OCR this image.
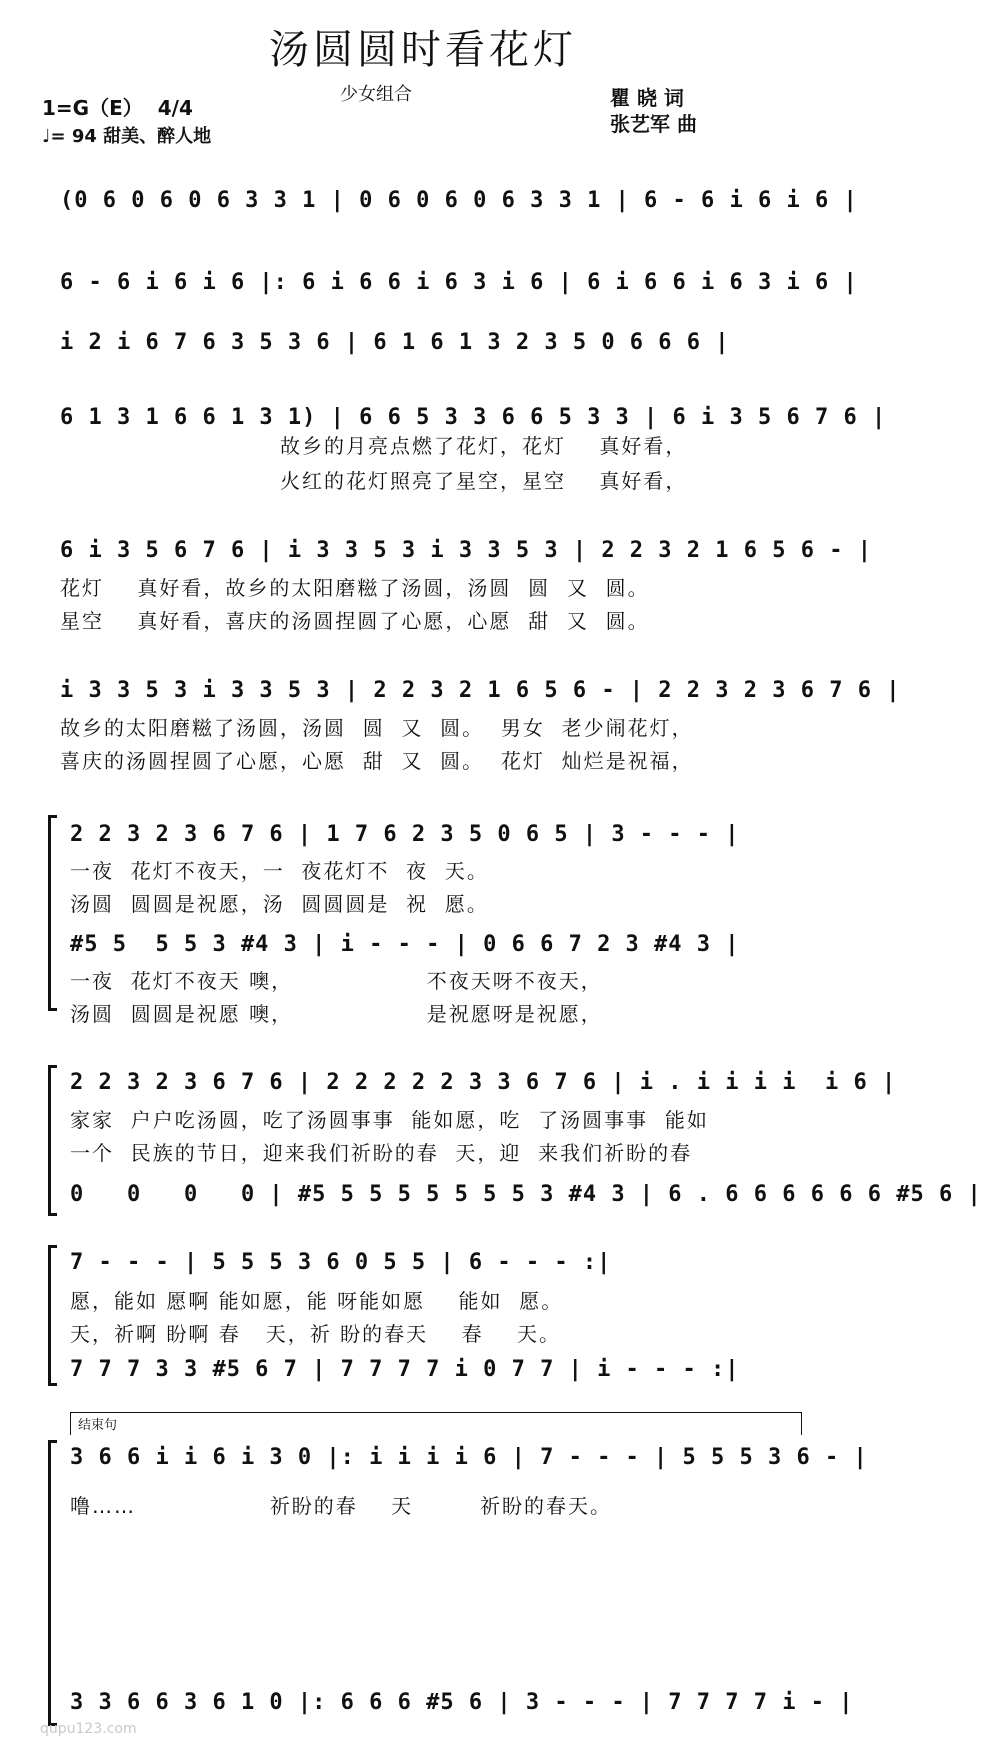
汤圆圆时看花灯
1=G（E） 4/4
♩= 94 甜美、醉人地
少女组合	瞿 晓 词
张艺军 曲
(0 6 0 6 0 6 3 3 1 | 0 6 0 6 0 6 3 3 1 | 6 - 6 i 6 i 6 |
6 - 6 i 6 i 6 |: 6 i 6 6 i 6 3 i 6 | 6 i 6 6 i 6 3 i 6 |
i 2 i 6 7 6 3 5 3 6 | 6 1 6 1 3 2 3 5 0 6 6 6 |
6 1 3 1 6 6 1 3 1) | 6 6 5 3 3 6 6 5 3 3 | 6 i 3 5 6 7 6 |
故乡的月亮点燃了花灯，花灯    真好看，
火红的花灯照亮了星空，星空    真好看，
6 i 3 5 6 7 6 | i 3 3 5 3 i 3 3 5 3 | 2 2 3 2 1 6 5 6 - |
花灯    真好看，故乡的太阳磨糍了汤圆，汤圆  圆  又  圆。
星空    真好看，喜庆的汤圆捏圆了心愿，心愿  甜  又  圆。
i 3 3 5 3 i 3 3 5 3 | 2 2 3 2 1 6 5 6 - | 2 2 3 2 3 6 7 6 |
故乡的太阳磨糍了汤圆，汤圆  圆  又  圆。  男女  老少闹花灯，
喜庆的汤圆捏圆了心愿，心愿  甜  又  圆。  花灯  灿烂是祝福，
2 2 3 2 3 6 7 6 | 1 7 6 2 3 5 0 6 5 | 3 - - - |
一夜  花灯不夜天，一  夜花灯不  夜  天。
汤圆  圆圆是祝愿，汤  圆圆圆是  祝  愿。
#5 5  5 5 3 #4 3 | i - - - | 0 6 6 7 2 3 #4 3 |
一夜  花灯不夜天 噢，                不夜天呀不夜天，
汤圆  圆圆是祝愿 噢，                是祝愿呀是祝愿，
2 2 3 2 3 6 7 6 | 2 2 2 2 2 3 3 6 7 6 | i . i i i i  i 6 |
家家  户户吃汤圆，吃了汤圆事事  能如愿，吃  了汤圆事事  能如
一个  民族的节日，迎来我们祈盼的春  天，迎  来我们祈盼的春
0   0   0   0 | #5 5 5 5 5 5 5 5 3 #4 3 | 6 . 6 6 6 6 6 6 #5 6 |
7 - - - | 5 5 5 3 6 0 5 5 | 6 - - - :|
愿，能如 愿啊 能如愿，能 呀能如愿    能如  愿。
天，祈啊 盼啊 春   天，祈 盼的春天    春    天。
7 7 7 3 3 #5 6 7 | 7 7 7 7 i 0 7 7 | i - - - :|
结束句
3 6 6 i i 6 i 3 0 |: i i i i 6 | 7 - - - | 5 5 5 3 6 - |
噜……                祈盼的春    天        祈盼的春天。
3 3 6 6 3 6 1 0 |: 6 6 6 #5 6 | 3 - - - | 7 7 7 7 i - |
qupu123.com
